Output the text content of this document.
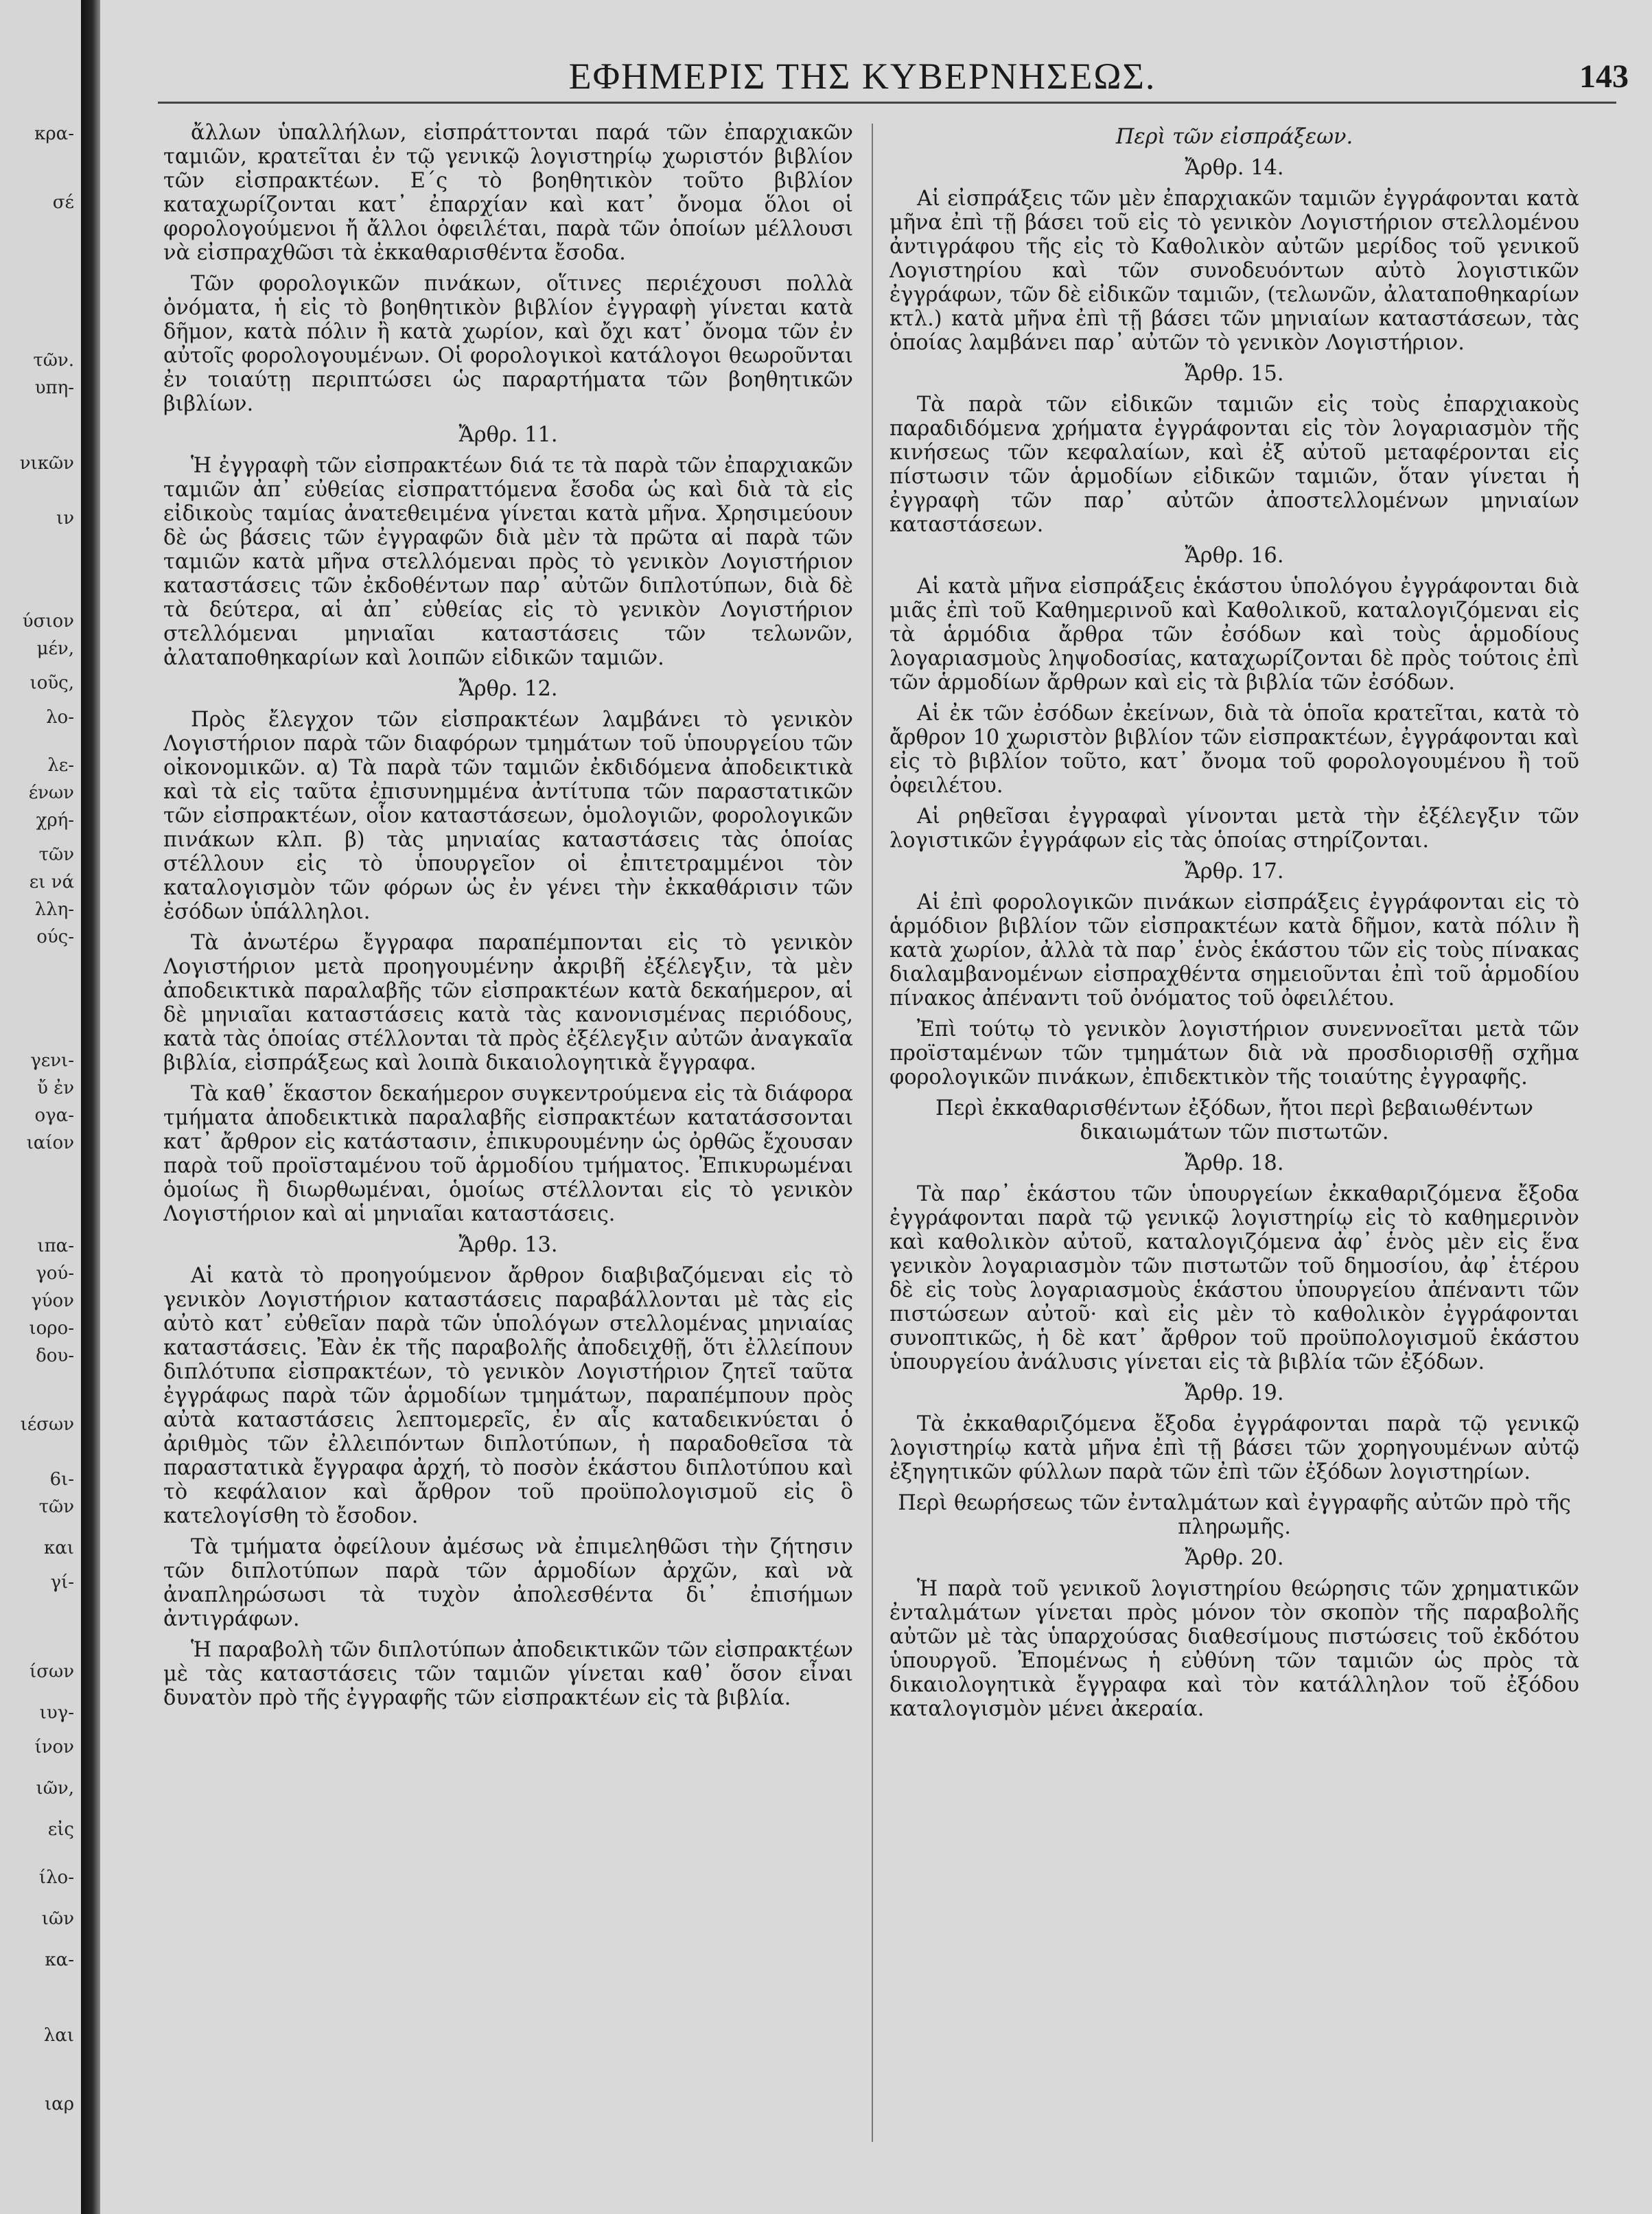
κρα-
σέ
τῶν.
υπη-
νικῶν
ιν
ύσιον
μέν,
ιοῦς,
λο-
λε-
ένων
χρή-
τῶν
ει νά
λλη-
ούς-
γενι-
ὔ ἐν
ογα-
ιαίον
ιπα-
γού-
γύον
ιορο-
δου-
ιέσων
6ι-
τῶν
και
γί-
ίσων
ιυγ-
ίνον
ιῶν,
εἰς
ίλο-
ιῶν
κα-
λαι
ιαρ
ΕΦΗΜΕΡΙΣ ΤΗΣ ΚΥΒΕΡΝΗΣΕΩΣ.	143
ἄλλων ὑπαλλήλων, εἰσπράττονται παρά τῶν ἐπαρχιακῶν ταμιῶν, κρατεῖται ἐν τῷ γενικῷ λογιστηρίῳ χωριστόν βιβλίον τῶν εἰσπρακτέων. Ε΄ς τὸ βοηθητικὸν τοῦτο βιβλίον καταχωρίζονται κατ᾽ ἐπαρχίαν καὶ κατ᾽ ὄνομα ὅλοι οἱ φορολογούμενοι ἤ ἄλλοι ὀφειλέται, παρὰ τῶν ὁποίων μέλλουσι νὰ εἰσπραχθῶσι τὰ ἐκκαθαρισθέντα ἔσοδα.
Τῶν φορολογικῶν πινάκων, οἵτινες περιέχουσι πολλὰ ὀνόματα, ἡ εἰς τὸ βοηθητικὸν βιβλίον ἐγγραφὴ γίνεται κατὰ δῆμον, κατὰ πόλιν ἢ κατὰ χωρίον, καὶ ὄχι κατ᾽ ὄνομα τῶν ἐν αὐτοῖς φορολογουμένων. Οἱ φορολογικοὶ κατάλογοι θεωροῦνται ἐν τοιαύτῃ περιπτώσει ὡς παραρτήματα τῶν βοηθητικῶν βιβλίων.
Ἄρθρ. 11.
Ἡ ἐγγραφὴ τῶν εἰσπρακτέων διά τε τὰ παρὰ τῶν ἐπαρχιακῶν ταμιῶν ἀπ᾽ εὐθείας εἰσπραττόμενα ἔσοδα ὡς καὶ διὰ τὰ εἰς εἰδικοὺς ταμίας ἀνατεθειμένα γίνεται κατὰ μῆνα. Χρησιμεύουν δὲ ὡς βάσεις τῶν ἐγγραφῶν διὰ μὲν τὰ πρῶτα αἱ παρὰ τῶν ταμιῶν κατὰ μῆνα στελλόμεναι πρὸς τὸ γενικὸν Λογιστήριον καταστάσεις τῶν ἐκδοθέντων παρ᾽ αὐτῶν διπλοτύπων, διὰ δὲ τὰ δεύτερα, αἱ ἀπ᾽ εὐθείας εἰς τὸ γενικὸν Λογιστήριον στελλόμεναι μηνιαῖαι καταστάσεις τῶν τελωνῶν, ἀλαταποθηκαρίων καὶ λοιπῶν εἰδικῶν ταμιῶν.
Ἄρθρ. 12.
Πρὸς ἔλεγχον τῶν εἰσπρακτέων λαμβάνει τὸ γενικὸν Λογιστήριον παρὰ τῶν διαφόρων τμημάτων τοῦ ὑπουργείου τῶν οἰκονομικῶν. α) Τὰ παρὰ τῶν ταμιῶν ἐκδιδόμενα ἀποδεικτικὰ καὶ τὰ εἰς ταῦτα ἐπισυνημμένα ἀντίτυπα τῶν παραστατικῶν τῶν εἰσπρακτέων, οἷον καταστάσεων, ὁμολογιῶν, φορολογικῶν πινάκων κλπ. β) τὰς μηνιαίας καταστάσεις τὰς ὁποίας στέλλουν εἰς τὸ ὑπουργεῖον οἱ ἐπιτετραμμένοι τὸν καταλογισμὸν τῶν φόρων ὡς ἐν γένει τὴν ἐκκαθάρισιν τῶν ἐσόδων ὑπάλληλοι.
Τὰ ἀνωτέρω ἔγγραφα παραπέμπονται εἰς τὸ γενικὸν Λογιστήριον μετὰ προηγουμένην ἀκριβῆ ἐξέλεγξιν, τὰ μὲν ἀποδεικτικὰ παραλαβῆς τῶν εἰσπρακτέων κατὰ δεκαήμερον, αἱ δὲ μηνιαῖαι καταστάσεις κατὰ τὰς κανονισμένας περιόδους, κατὰ τὰς ὁποίας στέλλονται τὰ πρὸς ἐξέλεγξιν αὐτῶν ἀναγκαῖα βιβλία, εἰσπράξεως καὶ λοιπὰ δικαιολογητικὰ ἔγγραφα.
Τὰ καθ᾽ ἕκαστον δεκαήμερον συγκεντρούμενα εἰς τὰ διάφορα τμήματα ἀποδεικτικὰ παραλαβῆς εἰσπρακτέων κατατάσσονται κατ᾽ ἄρθρον εἰς κατάστασιν, ἐπικυρουμένην ὡς ὀρθῶς ἔχουσαν παρὰ τοῦ προϊσταμένου τοῦ ἁρμοδίου τμήματος. Ἐπικυρωμέναι ὁμοίως ἢ διωρθωμέναι, ὁμοίως στέλλονται εἰς τὸ γενικὸν Λογιστήριον καὶ αἱ μηνιαῖαι καταστάσεις.
Ἄρθρ. 13.
Αἱ κατὰ τὸ προηγούμενον ἄρθρον διαβιβαζόμεναι εἰς τὸ γενικὸν Λογιστήριον καταστάσεις παραβάλλονται μὲ τὰς εἰς αὐτὸ κατ᾽ εὐθεῖαν παρὰ τῶν ὑπολόγων στελλομένας μηνιαίας καταστάσεις. Ἐὰν ἐκ τῆς παραβολῆς ἀποδειχθῇ, ὅτι ἐλλείπουν διπλότυπα εἰσπρακτέων, τὸ γενικὸν Λογιστήριον ζητεῖ ταῦτα ἐγγράφως παρὰ τῶν ἁρμοδίων τμημάτων, παραπέμπουν πρὸς αὐτὰ καταστάσεις λεπτομερεῖς, ἐν αἷς καταδεικνύεται ὁ ἀριθμὸς τῶν ἐλλειπόντων διπλοτύπων, ἡ παραδοθεῖσα τὰ παραστατικὰ ἔγγραφα ἀρχή, τὸ ποσὸν ἑκάστου διπλοτύπου καὶ τὸ κεφάλαιον καὶ ἄρθρον τοῦ προϋπολογισμοῦ εἰς ὃ κατελογίσθη τὸ ἔσοδον.
Τὰ τμήματα ὀφείλουν ἀμέσως νὰ ἐπιμεληθῶσι τὴν ζήτησιν τῶν διπλοτύπων παρὰ τῶν ἁρμοδίων ἀρχῶν, καὶ νὰ ἀναπληρώσωσι τὰ τυχὸν ἀπολεσθέντα δι᾽ ἐπισήμων ἀντιγράφων.
Ἡ παραβολὴ τῶν διπλοτύπων ἀποδεικτικῶν τῶν εἰσπρακτέων μὲ τὰς καταστάσεις τῶν ταμιῶν γίνεται καθ᾽ ὅσον εἶναι δυνατὸν πρὸ τῆς ἐγγραφῆς τῶν εἰσπρακτέων εἰς τὰ βιβλία.
Περὶ τῶν εἰσπράξεων.
Ἄρθρ. 14.
Αἱ εἰσπράξεις τῶν μὲν ἐπαρχιακῶν ταμιῶν ἐγγράφονται κατὰ μῆνα ἐπὶ τῇ βάσει τοῦ εἰς τὸ γενικὸν Λογιστήριον στελλομένου ἀντιγράφου τῆς εἰς τὸ Καθολικὸν αὐτῶν μερίδος τοῦ γενικοῦ Λογιστηρίου καὶ τῶν συνοδευόντων αὐτὸ λογιστικῶν ἐγγράφων, τῶν δὲ εἰδικῶν ταμιῶν, (τελωνῶν, ἀλαταποθηκαρίων κτλ.) κατὰ μῆνα ἐπὶ τῇ βάσει τῶν μηνιαίων καταστάσεων, τὰς ὁποίας λαμβάνει παρ᾽ αὐτῶν τὸ γενικὸν Λογιστήριον.
Ἄρθρ. 15.
Τὰ παρὰ τῶν εἰδικῶν ταμιῶν εἰς τοὺς ἐπαρχιακοὺς παραδιδόμενα χρήματα ἐγγράφονται εἰς τὸν λογαριασμὸν τῆς κινήσεως τῶν κεφαλαίων, καὶ ἐξ αὐτοῦ μεταφέρονται εἰς πίστωσιν τῶν ἁρμοδίων εἰδικῶν ταμιῶν, ὅταν γίνεται ἡ ἐγγραφὴ τῶν παρ᾽ αὐτῶν ἀποστελλομένων μηνιαίων καταστάσεων.
Ἄρθρ. 16.
Αἱ κατὰ μῆνα εἰσπράξεις ἑκάστου ὑπολόγου ἐγγράφονται διὰ μιᾶς ἐπὶ τοῦ Καθημερινοῦ καὶ Καθολικοῦ, καταλογιζόμεναι εἰς τὰ ἁρμόδια ἄρθρα τῶν ἐσόδων καὶ τοὺς ἁρμοδίους λογαριασμοὺς ληψοδοσίας, καταχωρίζονται δὲ πρὸς τούτοις ἐπὶ τῶν ἁρμοδίων ἄρθρων καὶ εἰς τὰ βιβλία τῶν ἐσόδων.
Αἱ ἐκ τῶν ἐσόδων ἐκείνων, διὰ τὰ ὁποῖα κρατεῖται, κατὰ τὸ ἄρθρον 10 χωριστὸν βιβλίον τῶν εἰσπρακτέων, ἐγγράφονται καὶ εἰς τὸ βιβλίον τοῦτο, κατ᾽ ὄνομα τοῦ φορολογουμένου ἢ τοῦ ὀφειλέτου.
Αἱ ρηθεῖσαι ἐγγραφαὶ γίνονται μετὰ τὴν ἐξέλεγξιν τῶν λογιστικῶν ἐγγράφων εἰς τὰς ὁποίας στηρίζονται.
Ἄρθρ. 17.
Αἱ ἐπὶ φορολογικῶν πινάκων εἰσπράξεις ἐγγράφονται εἰς τὸ ἁρμόδιον βιβλίον τῶν εἰσπρακτέων κατὰ δῆμον, κατὰ πόλιν ἢ κατὰ χωρίον, ἀλλὰ τὰ παρ᾽ ἑνὸς ἑκάστου τῶν εἰς τοὺς πίνακας διαλαμβανομένων εἰσπραχθέντα σημειοῦνται ἐπὶ τοῦ ἁρμοδίου πίνακος ἀπέναντι τοῦ ὀνόματος τοῦ ὀφειλέτου.
Ἐπὶ τούτῳ τὸ γενικὸν λογιστήριον συνεννοεῖται μετὰ τῶν προϊσταμένων τῶν τμημάτων διὰ νὰ προσδιορισθῇ σχῆμα φορολογικῶν πινάκων, ἐπιδεκτικὸν τῆς τοιαύτης ἐγγραφῆς.
Περὶ ἐκκαθαρισθέντων ἐξόδων, ἤτοι περὶ βεβαιωθέντων δικαιωμάτων τῶν πιστωτῶν.
Ἄρθρ. 18.
Τὰ παρ᾽ ἑκάστου τῶν ὑπουργείων ἐκκαθαριζόμενα ἔξοδα ἐγγράφονται παρὰ τῷ γενικῷ λογιστηρίῳ εἰς τὸ καθημερινὸν καὶ καθολικὸν αὐτοῦ, καταλογιζόμενα ἀφ᾽ ἑνὸς μὲν εἰς ἕνα γενικὸν λογαριασμὸν τῶν πιστωτῶν τοῦ δημοσίου, ἀφ᾽ ἑτέρου δὲ εἰς τοὺς λογαριασμοὺς ἑκάστου ὑπουργείου ἀπέναντι τῶν πιστώσεων αὐτοῦ· καὶ εἰς μὲν τὸ καθολικὸν ἐγγράφονται συνοπτικῶς, ἡ δὲ κατ᾽ ἄρθρον τοῦ προϋπολογισμοῦ ἑκάστου ὑπουργείου ἀνάλυσις γίνεται εἰς τὰ βιβλία τῶν ἐξόδων.
Ἄρθρ. 19.
Τὰ ἐκκαθαριζόμενα ἔξοδα ἐγγράφονται παρὰ τῷ γενικῷ λογιστηρίῳ κατὰ μῆνα ἐπὶ τῇ βάσει τῶν χορηγουμένων αὐτῷ ἐξηγητικῶν φύλλων παρὰ τῶν ἐπὶ τῶν ἐξόδων λογιστηρίων.
Περὶ θεωρήσεως τῶν ἐνταλμάτων καὶ ἐγγραφῆς αὐτῶν πρὸ τῆς πληρωμῆς.
Ἄρθρ. 20.
Ἡ παρὰ τοῦ γενικοῦ λογιστηρίου θεώρησις τῶν χρηματικῶν ἐνταλμάτων γίνεται πρὸς μόνον τὸν σκοπὸν τῆς παραβολῆς αὐτῶν μὲ τὰς ὑπαρχούσας διαθεσίμους πιστώσεις τοῦ ἐκδότου ὑπουργοῦ. Ἐπομένως ἡ εὐθύνη τῶν ταμιῶν ὡς πρὸς τὰ δικαιολογητικὰ ἔγγραφα καὶ τὸν κατάλληλον τοῦ ἐξόδου καταλογισμὸν μένει ἀκεραία.
